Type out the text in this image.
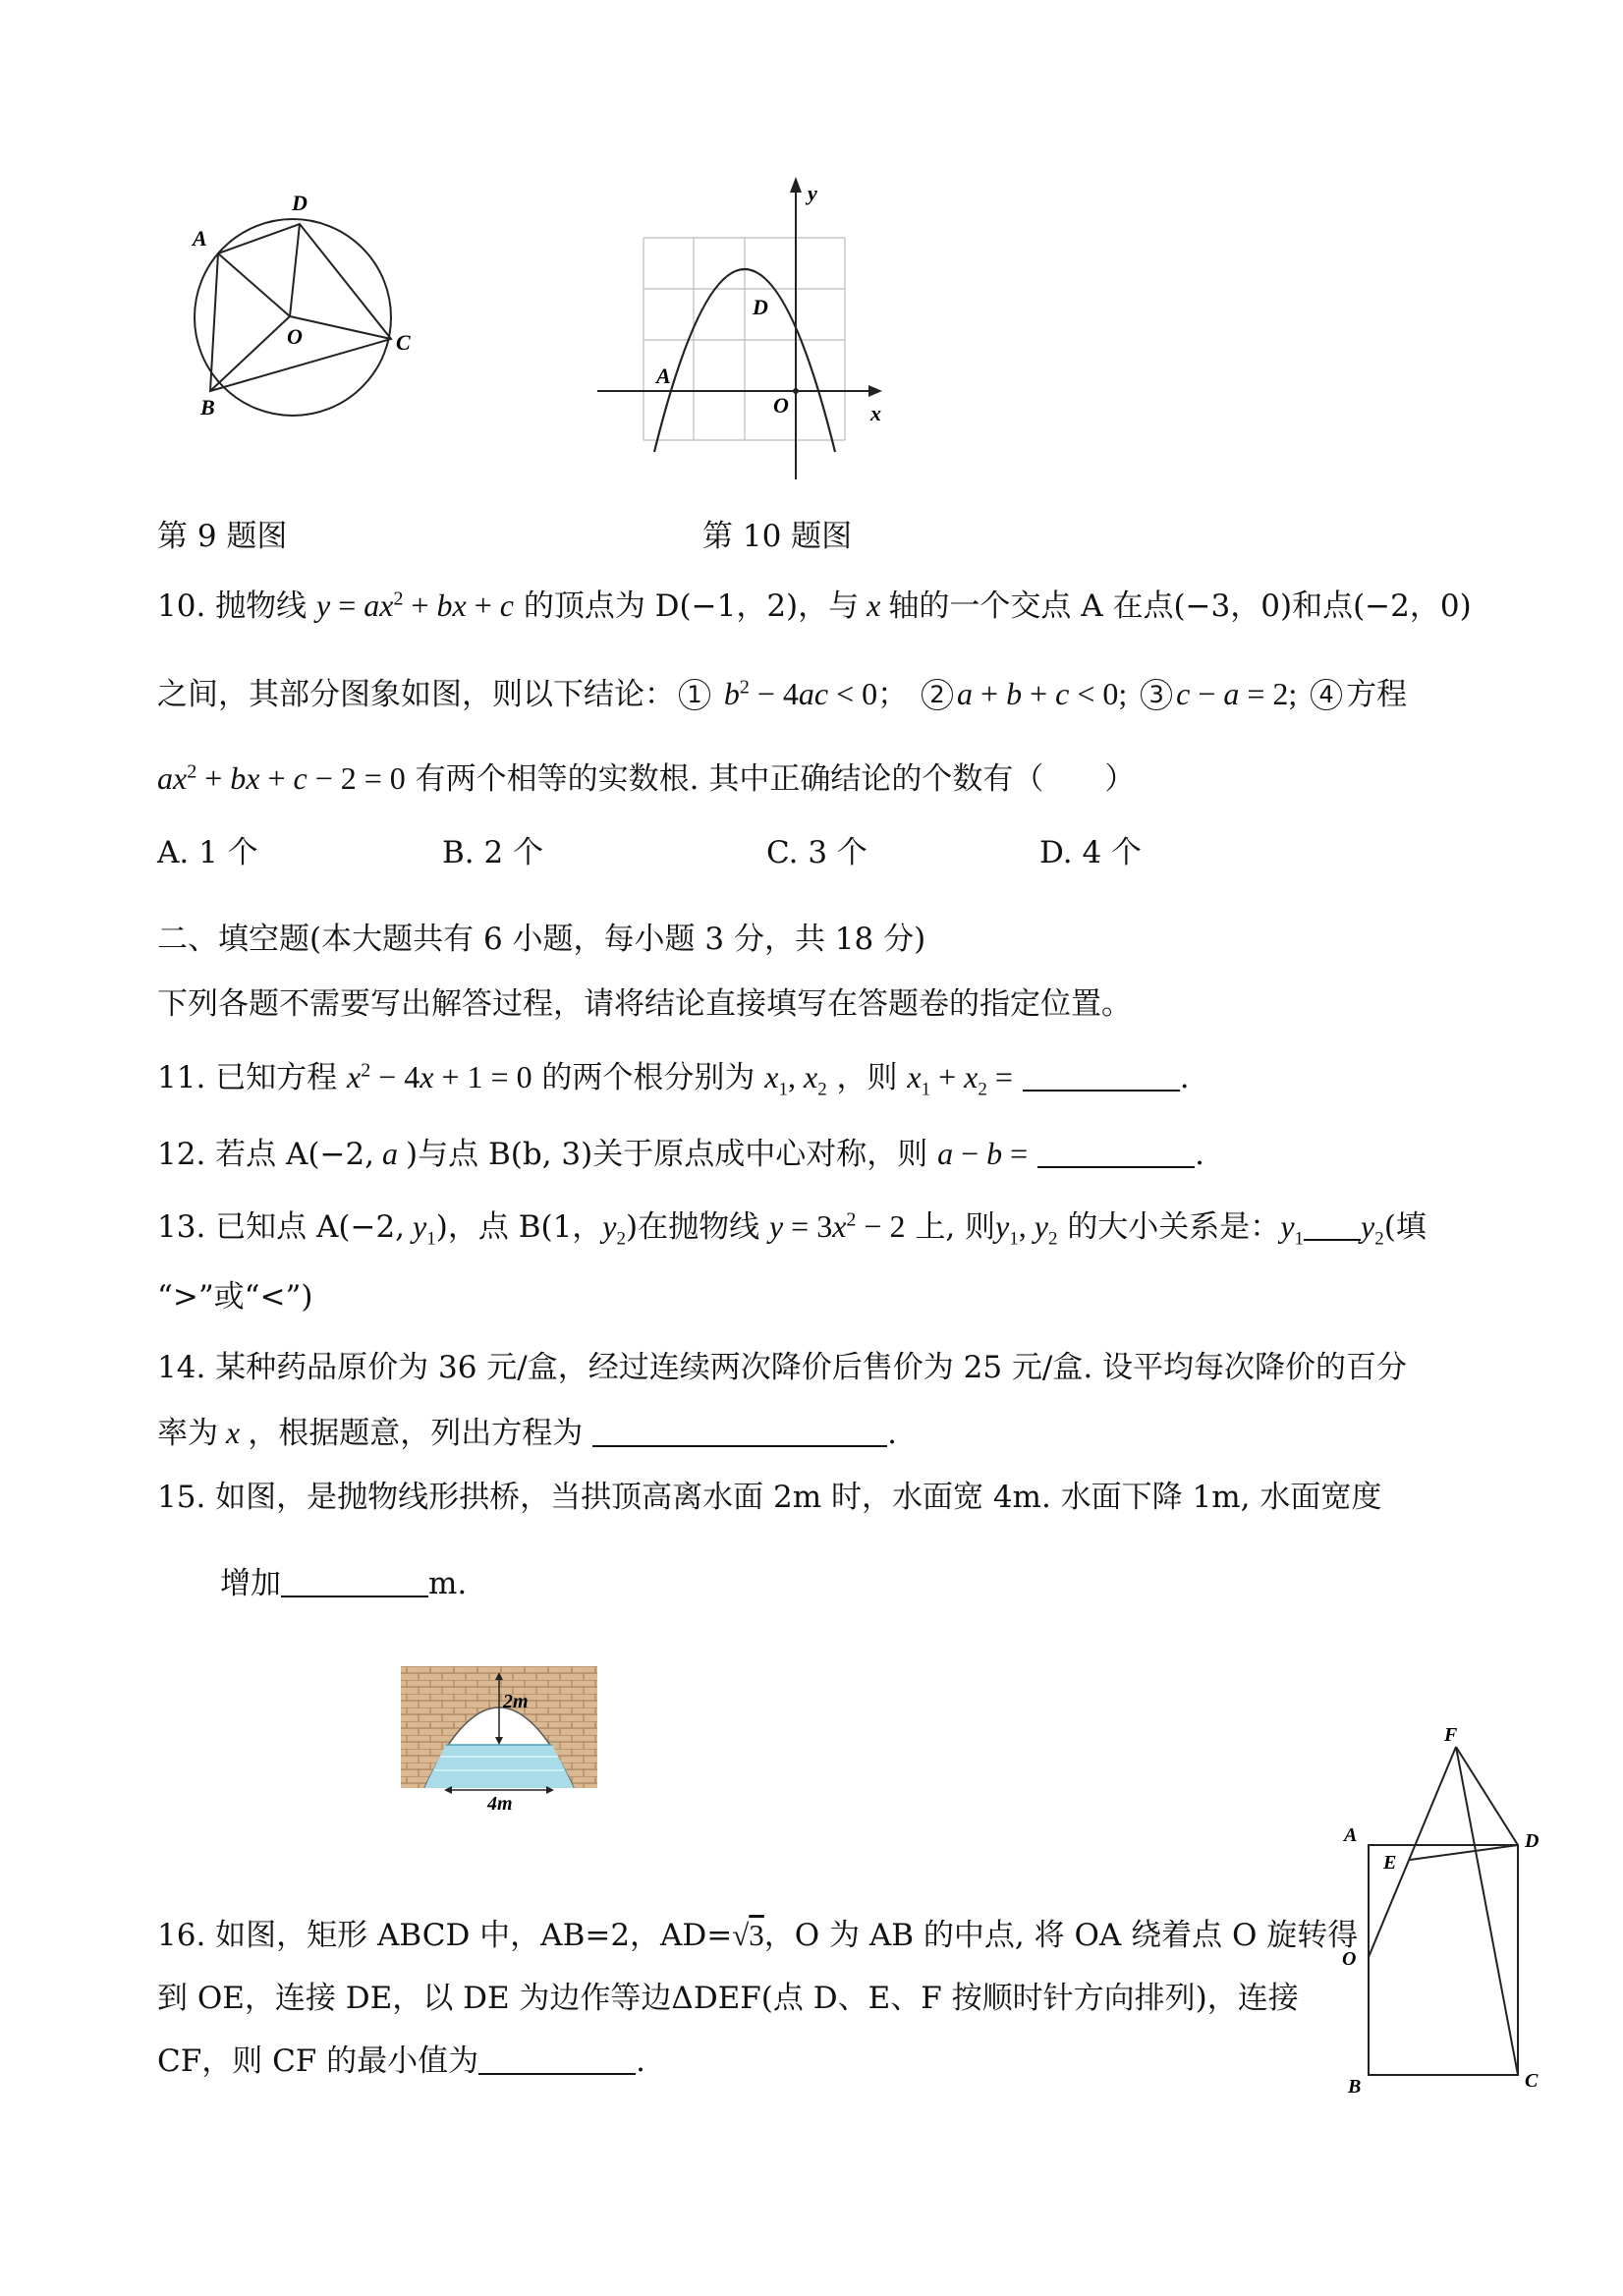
A
D
C
B
O
y
x
D
A
O
第 9 题图	第 10 题图
10. 抛物线 $y = ax^2$ + bx + c 的顶点为 D(−1，2)，与 x 轴的一个交点 A 在点(−3，0)和点(−2，0)
之间，其部分图象如图，则以下结论： 1 $b^2 - 4ac < 0$； 2 a + b + c < 0; 3 c − a = 2; 4 方程
$ax^2$ + bx + c − 2 = 0 有两个相等的实数根. 其中正确结论的个数有（　　）
A. 1 个	B. 2 个	C. 3 个	D. 4 个
二、填空题(本大题共有 6 小题，每小题 3 分，共 18 分)
下列各题不需要写出解答过程，请将结论直接填写在答题卷的指定位置。
11. 已知方程 $x^2 - 4x + 1 = 0$ 的两个根分别为 $x_1$, $x_2$ ，则 $x_1 + x_2$ =	.
12. 若点 A(−2, a )与点 B(b, 3)关于原点成中心对称，则 a − b =	.
13. 已知点 A(−2, $y_1$)，点 B(1，$y_2$)在抛物线 $y = 3x^2 - 2$ 上, 则$y_1$, $y_2$ 的大小关系是：$y_1$ $y_2$(填
“>”或“<”)
14. 某种药品原价为 36 元/盒，经过连续两次降价后售价为 25 元/盒. 设平均每次降价的百分
率为 x ，根据题意，列出方程为	.
15. 如图，是抛物线形拱桥，当拱顶高离水面 2m 时，水面宽 4m. 水面下降 1m, 水面宽度
增加	m.
2m
4m
16. 如图，矩形 ABCD 中，AB=2，AD=√3，O 为 AB 的中点, 将 OA 绕着点 O 旋转得
到 OE，连接 DE，以 DE 为边作等边ΔDEF(点 D、E、F 按顺时针方向排列)，连接
CF，则 CF 的最小值为	.
F
A	D
E
O
B	C
